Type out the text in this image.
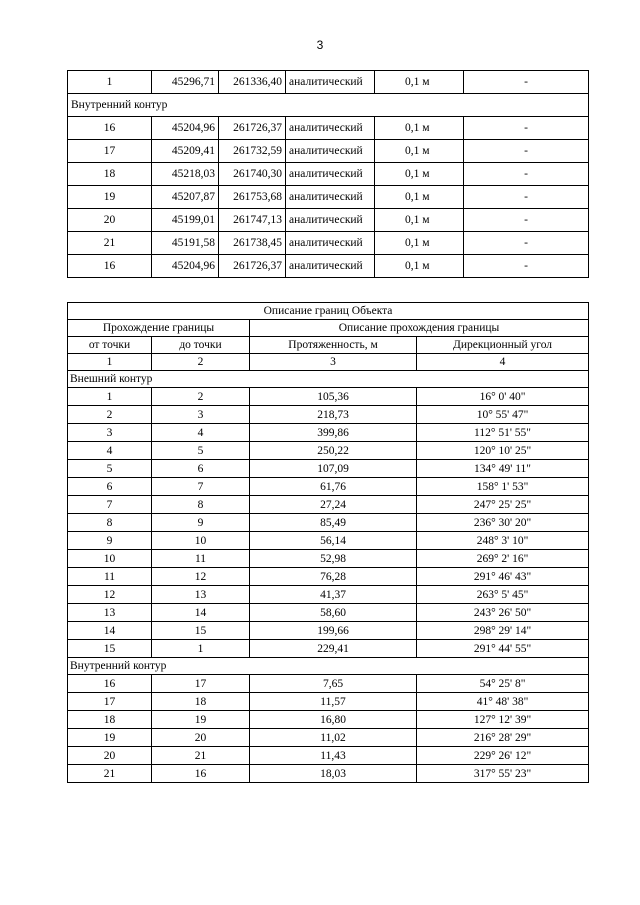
3
1	45296,71	261336,40	аналитический	0,1 м	-
Внутренний контур					
16	45204,96	261726,37	аналитический	0,1 м	-
17	45209,41	261732,59	аналитический	0,1 м	-
18	45218,03	261740,30	аналитический	0,1 м	-
19	45207,87	261753,68	аналитический	0,1 м	-
20	45199,01	261747,13	аналитический	0,1 м	-
21	45191,58	261738,45	аналитический	0,1 м	-
16	45204,96	261726,37	аналитический	0,1 м	-
Описание границ Объекта			
Прохождение границы		Описание прохождения границы	
от точки	до точки	Протяженность, м	Дирекционный угол
1	2	3	4
Внешний контур			
1	2	105,36	16° 0' 40"
2	3	218,73	10° 55' 47"
3	4	399,86	112° 51' 55"
4	5	250,22	120° 10' 25"
5	6	107,09	134° 49' 11"
6	7	61,76	158° 1' 53"
7	8	27,24	247° 25' 25"
8	9	85,49	236° 30' 20"
9	10	56,14	248° 3' 10"
10	11	52,98	269° 2' 16"
11	12	76,28	291° 46' 43"
12	13	41,37	263° 5' 45"
13	14	58,60	243° 26' 50"
14	15	199,66	298° 29' 14"
15	1	229,41	291° 44' 55"
Внутренний контур			
16	17	7,65	54° 25' 8"
17	18	11,57	41° 48' 38"
18	19	16,80	127° 12' 39"
19	20	11,02	216° 28' 29"
20	21	11,43	229° 26' 12"
21	16	18,03	317° 55' 23"
